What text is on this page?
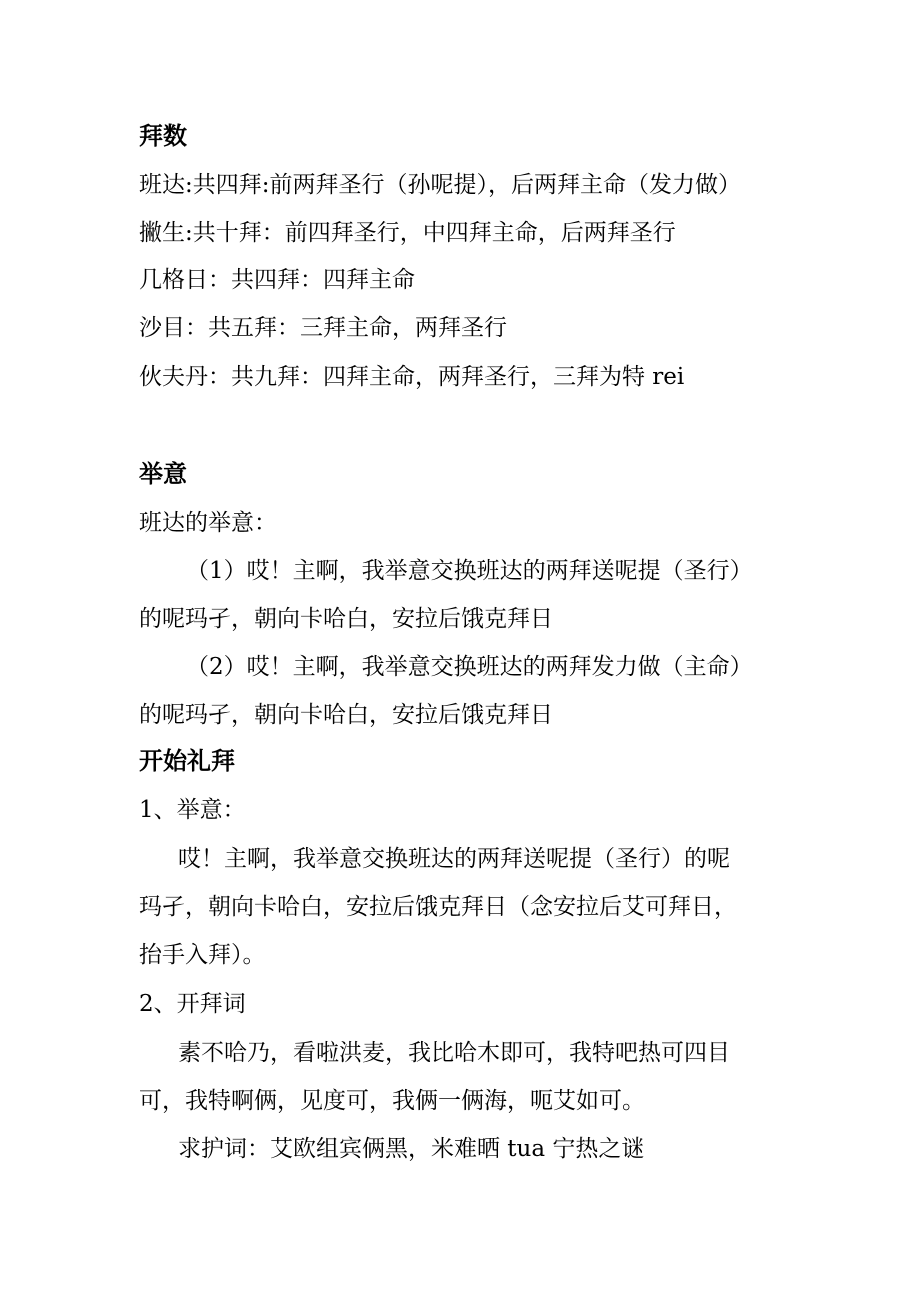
拜数
班达:共四拜:前两拜圣行（孙呢提），后两拜主命（发力做）
撇生:共十拜：前四拜圣行，中四拜主命，后两拜圣行
几格日：共四拜：四拜主命
沙目：共五拜：三拜主命，两拜圣行
伙夫丹：共九拜：四拜主命，两拜圣行，三拜为特 rei
举意
班达的举意：
（1）哎！主啊，我举意交换班达的两拜送呢提（圣行）
的呢玛孑，朝向卡哈白，安拉后饿克拜日
（2）哎！主啊，我举意交换班达的两拜发力做（主命）
的呢玛孑，朝向卡哈白，安拉后饿克拜日
开始礼拜
1、举意：
哎！主啊，我举意交换班达的两拜送呢提（圣行）的呢
玛孑，朝向卡哈白，安拉后饿克拜日（念安拉后艾可拜日，
抬手入拜）。
2、开拜词
素不哈乃，看啦洪麦，我比哈木即可，我特吧热可四目
可，我特啊俩，见度可，我俩一俩海，呃艾如可。
求护词：艾欧组宾俩黑，米难晒 tua 宁热之谜
